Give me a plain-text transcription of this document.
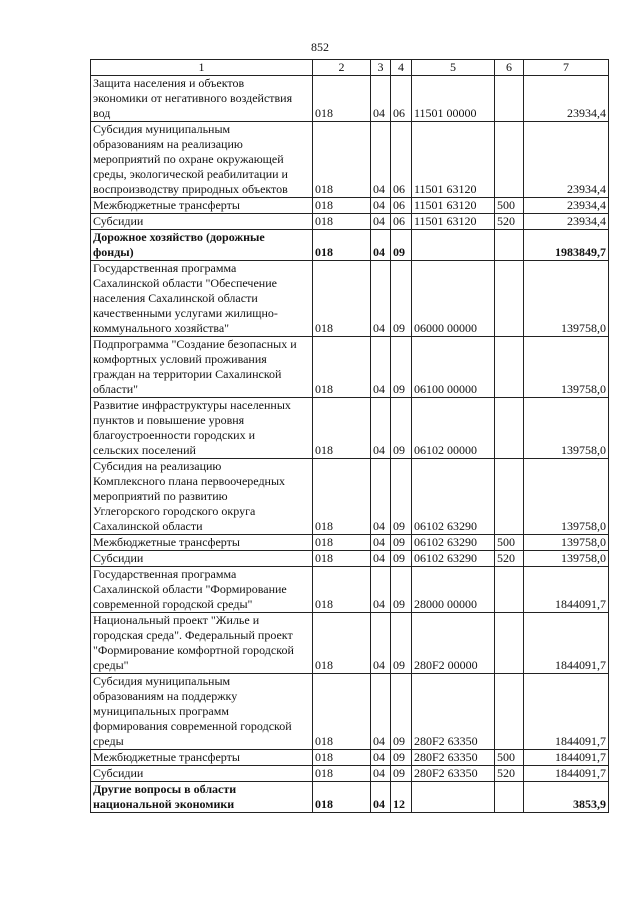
852
1	2	3	4	5	6	7
Защита населения и объектов
экономики от негативного воздействия
вод	018	04	06	11501 00000		23934,4
Субсидия муниципальным
образованиям на реализацию
мероприятий по охране окружающей
среды, экологической реабилитации и
воспроизводству природных объектов	018	04	06	11501 63120		23934,4
Межбюджетные трансферты	018	04	06	11501 63120	500	23934,4
Субсидии	018	04	06	11501 63120	520	23934,4
Дорожное хозяйство (дорожные
фонды)	018	04	09			1983849,7
Государственная программа
Сахалинской области "Обеспечение
населения Сахалинской области
качественными услугами жилищно-
коммунального хозяйства"	018	04	09	06000 00000		139758,0
Подпрограмма "Создание безопасных и
комфортных условий проживания
граждан на территории Сахалинской
области"	018	04	09	06100 00000		139758,0
Развитие инфраструктуры населенных
пунктов и повышение уровня
благоустроенности городских и
сельских поселений	018	04	09	06102 00000		139758,0
Субсидия на реализацию
Комплексного плана первоочередных
мероприятий по развитию
Углегорского городского округа
Сахалинской области	018	04	09	06102 63290		139758,0
Межбюджетные трансферты	018	04	09	06102 63290	500	139758,0
Субсидии	018	04	09	06102 63290	520	139758,0
Государственная программа
Сахалинской области "Формирование
современной городской среды"	018	04	09	28000 00000		1844091,7
Национальный проект "Жилье и
городская среда". Федеральный проект
"Формирование комфортной городской
среды"	018	04	09	280F2 00000		1844091,7
Субсидия муниципальным
образованиям на поддержку
муниципальных программ
формирования современной городской
среды	018	04	09	280F2 63350		1844091,7
Межбюджетные трансферты	018	04	09	280F2 63350	500	1844091,7
Субсидии	018	04	09	280F2 63350	520	1844091,7
Другие вопросы в области
национальной экономики	018	04	12			3853,9
